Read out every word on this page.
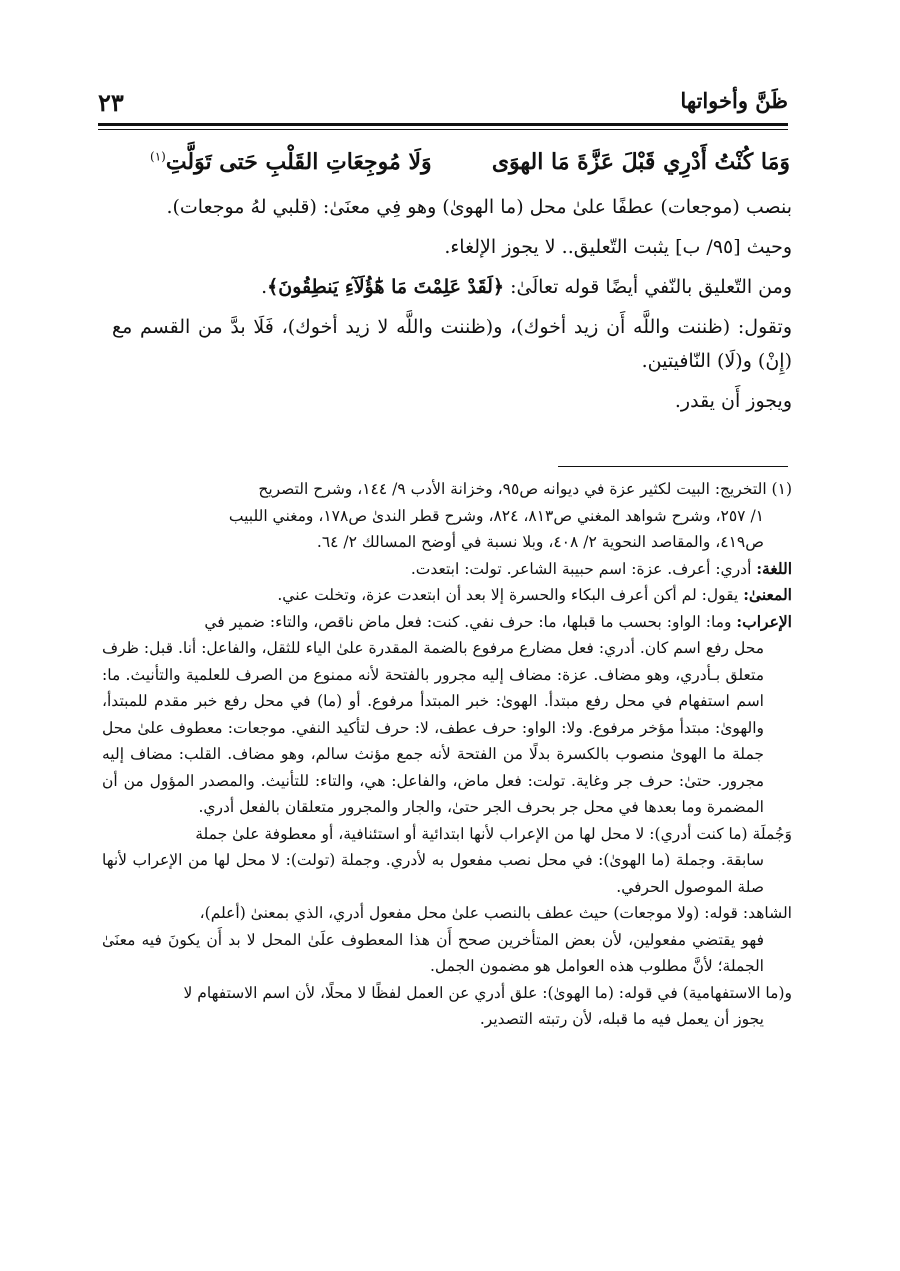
ظَنَّ وأخواتها
٢٣
وَمَا كُنْتُ أَدْرِي قَبْلَ عَزَّةَ مَا الهوَى
وَلَا مُوجِعَاتِ القَلْبِ حَتى تَوَلَّتِ$^{(١)}$

بنصب (موجعات) عطفًا علىٰ محل (ما الهوىٰ) وهو فِي معنَىٰ: (قلبي لهُ موجعات).

وحيث [٩٥/ ب] يثبت التّعليق.. لا يجوز الإلغاء.

ومن التّعليق بالنّفي أيضًا قوله تعالَىٰ: ﴿لَقَدْ عَلِمْتَ مَا هَٰٓؤُلَآءِ يَنطِقُونَ﴾.

وتقول: (ظننت واللَّه أَن زيد أخوك)، و(ظننت واللَّه لا زيد أخوك)، فَلَا بدَّ من القسم مع (إِنْ) و(لَا) النّافيتين.

ويجوز أَن يقدر.

(١) التخريج: البيت لكثير عزة في ديوانه ص٩٥، وخزانة الأدب ٩/ ١٤٤، وشرح التصريح

١/ ٢٥٧، وشرح شواهد المغني ص٨١٣، ٨٢٤، وشرح قطر الندىٰ ص١٧٨، ومغني اللبيب

ص٤١٩، والمقاصد النحوية ٢/ ٤٠٨، وبلا نسبة في أوضح المسالك ٢/ ٦٤.

اللغة: أدري: أعرف. عزة: اسم حبيبة الشاعر. تولت: ابتعدت.

المعنىٰ: يقول: لم أكن أعرف البكاء والحسرة إلا بعد أن ابتعدت عزة، وتخلت عني.

الإعراب: وما: الواو: بحسب ما قبلها، ما: حرف نفي. كنت: فعل ماض ناقص، والتاء: ضمير في

محل رفع اسم كان. أدري: فعل مضارع مرفوع بالضمة المقدرة علىٰ الياء للثقل، والفاعل: أنا. قبل: ظرف متعلق بـأدري، وهو مضاف. عزة: مضاف إليه مجرور بالفتحة لأنه ممنوع من الصرف للعلمية والتأنيث. ما: اسم استفهام في محل رفع مبتدأ. الهوىٰ: خبر المبتدأ مرفوع. أو (ما) في محل رفع خبر مقدم للمبتدأ، والهوىٰ: مبتدأ مؤخر مرفوع. ولا: الواو: حرف عطف، لا: حرف لتأكيد النفي. موجعات: معطوف علىٰ محل جملة ما الهوىٰ منصوب بالكسرة بدلًا من الفتحة لأنه جمع مؤنث سالم، وهو مضاف. القلب: مضاف إليه مجرور. حتىٰ: حرف جر وغاية. تولت: فعل ماض، والفاعل: هي، والتاء: للتأنيث. والمصدر المؤول من أن المضمرة وما بعدها في محل جر بحرف الجر حتىٰ، والجار والمجرور متعلقان بالفعل أدري.

وَجُملَة (ما كنت أدري): لا محل لها من الإعراب لأنها ابتدائية أو استئنافية، أو معطوفة علىٰ جملة

سابقة. وجملة (ما الهوىٰ): في محل نصب مفعول به لأدري. وجملة (تولت): لا محل لها من الإعراب لأنها صلة الموصول الحرفي.

الشاهد: قوله: (ولا موجعات) حيث عطف بالنصب علىٰ محل مفعول أدري، الذي بمعنىٰ (أعلم)،

فهو يقتضي مفعولين، لأن بعض المتأخرين صحح أَن هذا المعطوف علَىٰ المحل لا بد أَن يكونَ فيه معنَىٰ الجملة؛ لأنَّ مطلوب هذه العوامل هو مضمون الجمل.

و(ما الاستفهامية) في قوله: (ما الهوىٰ): علق أدري عن العمل لفظًا لا محلًا، لأن اسم الاستفهام لا

يجوز أن يعمل فيه ما قبله، لأن رتبته التصدير.
